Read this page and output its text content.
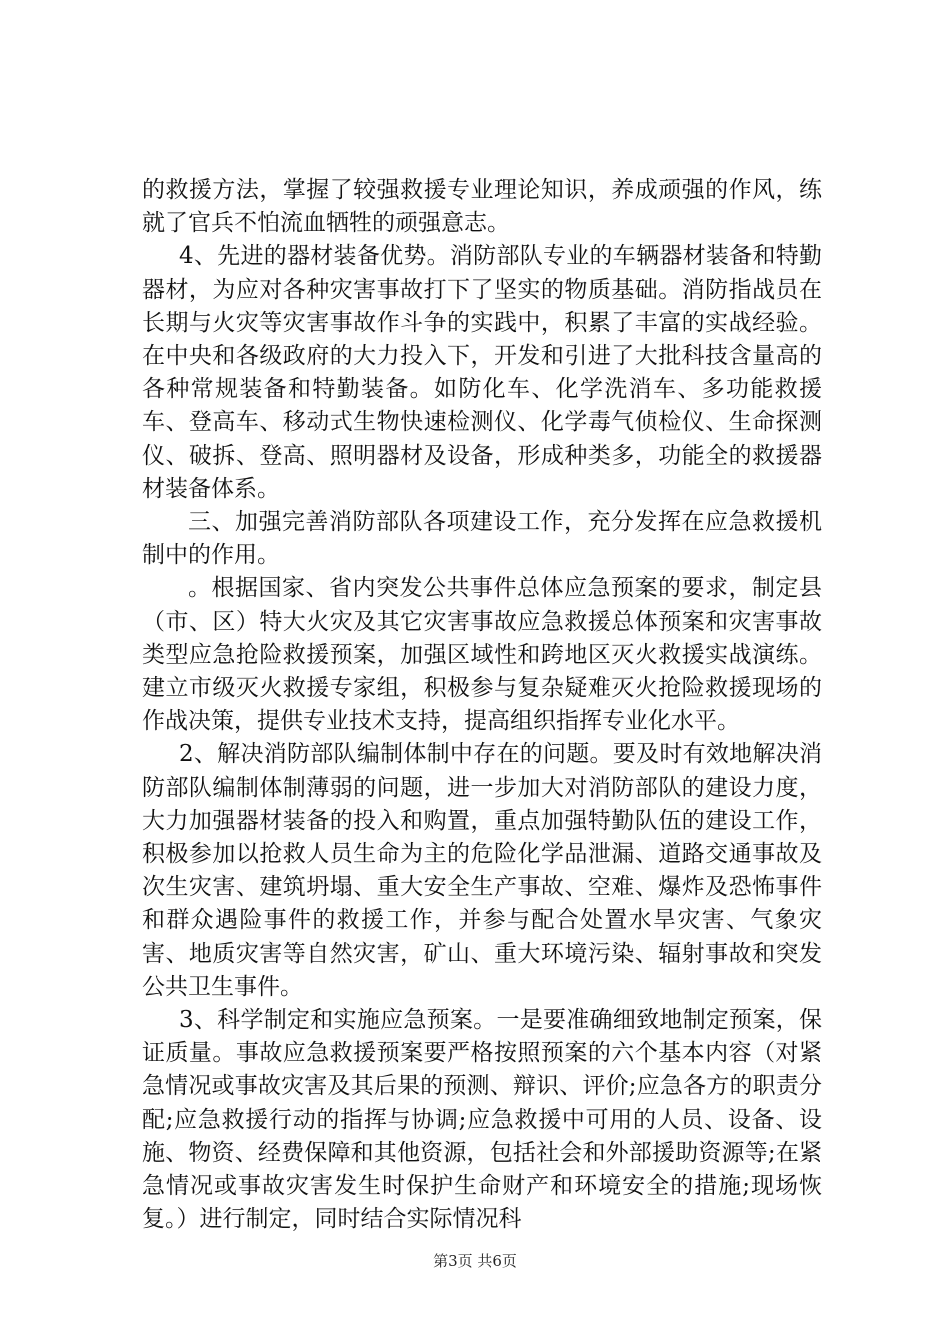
的救援方法，掌握了较强救援专业理论知识，养成顽强的作风，练就了官兵不怕流血牺牲的顽强意志。

4、先进的器材装备优势。消防部队专业的车辆器材装备和特勤器材，为应对各种灾害事故打下了坚实的物质基础。消防指战员在长期与火灾等灾害事故作斗争的实践中，积累了丰富的实战经验。在中央和各级政府的大力投入下，开发和引进了大批科技含量高的各种常规装备和特勤装备。如防化车、化学洗消车、多功能救援车、登高车、移动式生物快速检测仪、化学毒气侦检仪、生命探测仪、破拆、登高、照明器材及设备，形成种类多，功能全的救援器材装备体系。

三、加强完善消防部队各项建设工作，充分发挥在应急救援机制中的作用。

。根据国家、省内突发公共事件总体应急预案的要求，制定县（市、区）特大火灾及其它灾害事故应急救援总体预案和灾害事故类型应急抢险救援预案，加强区域性和跨地区灭火救援实战演练。建立市级灭火救援专家组，积极参与复杂疑难灭火抢险救援现场的作战决策，提供专业技术支持，提高组织指挥专业化水平。

2、解决消防部队编制体制中存在的问题。要及时有效地解决消防部队编制体制薄弱的问题，进一步加大对消防部队的建设力度，大力加强器材装备的投入和购置，重点加强特勤队伍的建设工作，积极参加以抢救人员生命为主的危险化学品泄漏、道路交通事故及次生灾害、建筑坍塌、重大安全生产事故、空难、爆炸及恐怖事件和群众遇险事件的救援工作，并参与配合处置水旱灾害、气象灾害、地质灾害等自然灾害，矿山、重大环境污染、辐射事故和突发公共卫生事件。

3、科学制定和实施应急预案。一是要准确细致地制定预案，保证质量。事故应急救援预案要严格按照预案的六个基本内容（对紧急情况或事故灾害及其后果的预测、辩识、评价;应急各方的职责分配;应急救援行动的指挥与协调;应急救援中可用的人员、设备、设施、物资、经费保障和其他资源，包括社会和外部援助资源等;在紧急情况或事故灾害发生时保护生命财产和环境安全的措施;现场恢复。）进行制定，同时结合实际情况科

第3页 共6页
